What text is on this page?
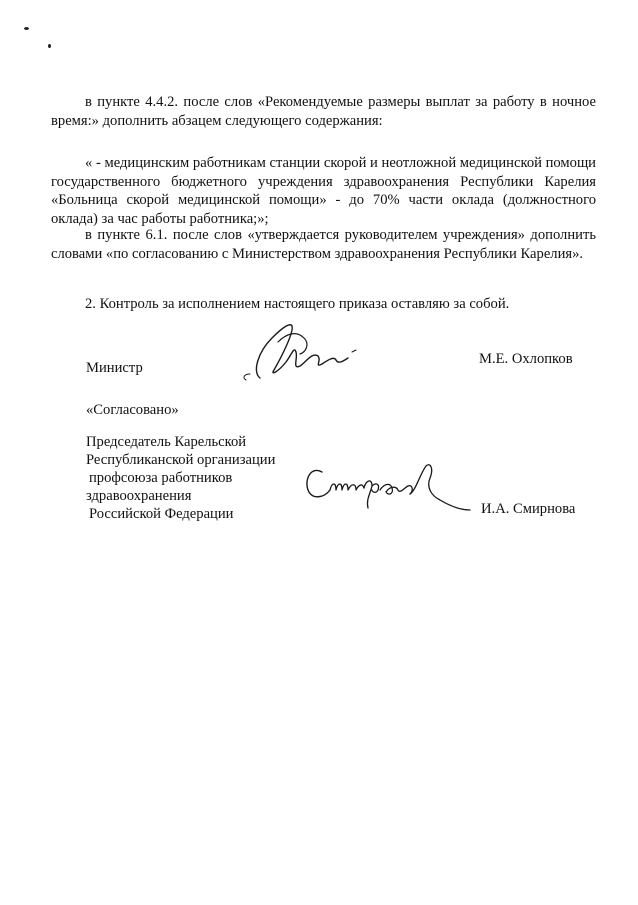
в пункте 4.4.2. после слов «Рекомендуемые размеры выплат за работу в ночное время:» дополнить абзацем следующего содержания:

« - медицинским работникам станции скорой и неотложной медицинской помощи государственного бюджетного учреждения здравоохранения Республики Карелия «Больница скорой медицинской помощи» - до 70% части оклада (должностного оклада) за час работы работника;»;

в пункте 6.1. после слов «утверждается руководителем учреждения» дополнить словами «по согласованию с Министерством здравоохранения Республики Карелия».

2. Контроль за исполнением настоящего приказа оставляю за собой.

Министр
М.Е. Охлопков
«Согласовано»
Председатель Карельской
Республиканской организации
профсоюза работников
здравоохранения
Российской Федерации	И.А. Смирнова
